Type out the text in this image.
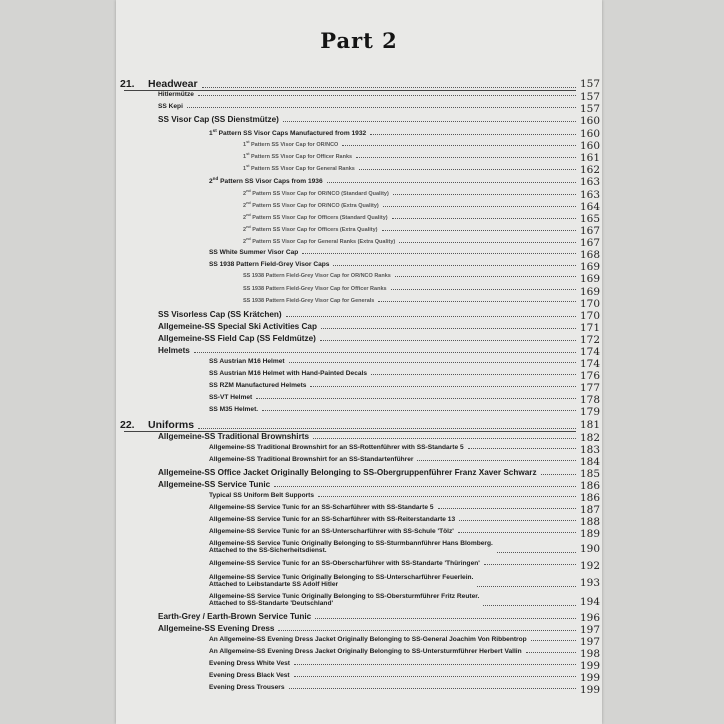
Part 2
21. Headwear	157
Hitlermütze	157
SS Kepi	157
SS Visor Cap (SS Dienstmütze)	160
1st Pattern SS Visor Caps Manufactured from 1932	160
1st Pattern SS Visor Cap for OR/NCO	160
1st Pattern SS Visor Cap for Officer Ranks	161
1st Pattern SS Visor Cap for General Ranks	162
2nd Pattern SS Visor Caps from 1936	163
2nd Pattern SS Visor Cap for OR/NCO (Standard Quality)	163
2nd Pattern SS Visor Cap for OR/NCO (Extra Quality)	164
2nd Pattern SS Visor Cap for Officers (Standard Quality)	165
2nd Pattern SS Visor Cap for Officers (Extra Quality)	167
2nd Pattern SS Visor Cap for General Ranks (Extra Quality)	167
SS White Summer Visor Cap	168
SS 1938 Pattern Field-Grey Visor Caps	169
SS 1938 Pattern Field-Grey Visor Cap for OR/NCO Ranks	169
SS 1938 Pattern Field-Grey Visor Cap for Officer Ranks	169
SS 1938 Pattern Field-Grey Visor Cap for Generals	170
SS Visorless Cap (SS Krätchen)	170
Allgemeine-SS Special Ski Activities Cap	171
Allgemeine-SS Field Cap (SS Feldmütze)	172
Helmets	174
SS Austrian M16 Helmet	174
SS Austrian M16 Helmet with Hand-Painted Decals	176
SS RZM Manufactured Helmets	177
SS-VT Helmet	178
SS M35 Helmet.	179
22. Uniforms	181
Allgemeine-SS Traditional Brownshirts	182
Allgemeine-SS Traditional Brownshirt for an SS-Rottenführer with SS-Standarte 5	183
Allgemeine-SS Traditional Brownshirt for an SS-Standartenführer	184
Allgemeine-SS Office Jacket Originally Belonging to SS-Obergruppenführer Franz Xaver Schwarz	185
Allgemeine-SS Service Tunic	186
Typical SS Uniform Belt Supports	186
Allgemeine-SS Service Tunic for an SS-Scharführer with SS-Standarte 5	187
Allgemeine-SS Service Tunic for an SS-Scharführer with SS-Reiterstandarte 13	188
Allgemeine-SS Service Tunic for an SS-Unterscharführer with SS-Schule 'Tölz'	189
Allgemeine-SS Service Tunic Originally Belonging to SS-Sturmbannführer Hans Blomberg.
Attached to the SS-Sicherheitsdienst.	190
Allgemeine-SS Service Tunic for an SS-Oberscharführer with SS-Standarte 'Thüringen'	192
Allgemeine-SS Service Tunic Originally Belonging to SS-Unterscharführer Feuerlein.
Attached to Leibstandarte SS Adolf Hitler	193
Allgemeine-SS Service Tunic Originally Belonging to SS-Obersturmführer Fritz Reuter.
Attached to SS-Standarte 'Deutschland'	194
Earth-Grey / Earth-Brown Service Tunic	196
Allgemeine-SS Evening Dress	197
An Allgemeine-SS Evening Dress Jacket Originally Belonging to SS-General Joachim Von Ribbentrop	197
An Allgemeine-SS Evening Dress Jacket Originally Belonging to SS-Untersturmführer Herbert Vallin	198
Evening Dress White Vest	199
Evening Dress Black Vest	199
Evening Dress Trousers	199
